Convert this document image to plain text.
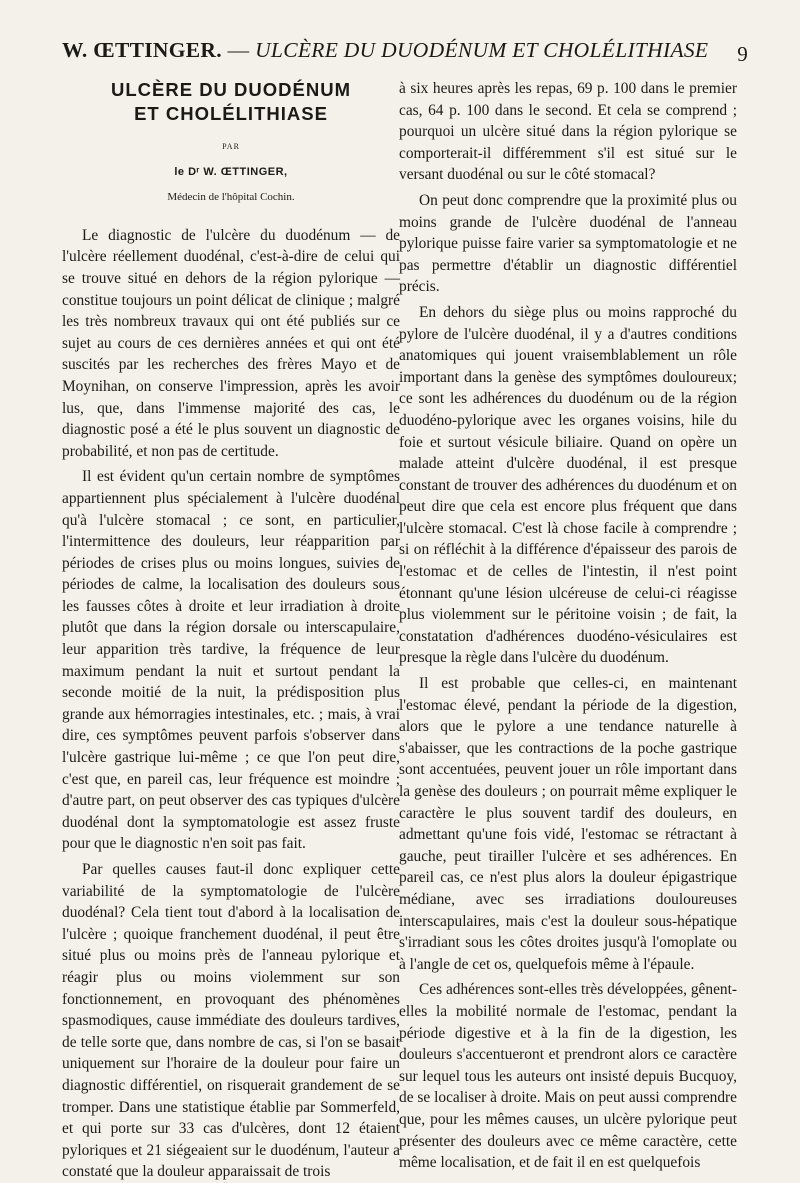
W. ŒTTINGER. — ULCÈRE DU DUODÉNUM ET CHOLÉLITHIASE 9
ULCÈRE DU DUODÉNUM
ET CHOLÉLITHIASE
PAR
le Dʳ W. ŒTTINGER,
Médecin de l'hôpital Cochin.

Le diagnostic de l'ulcère du duodénum — de l'ulcère réellement duodénal, c'est-à-dire de celui qui se trouve situé en dehors de la région pylorique — constitue toujours un point délicat de clinique ; malgré les très nombreux travaux qui ont été publiés sur ce sujet au cours de ces dernières années et qui ont été suscités par les recherches des frères Mayo et de Moynihan, on conserve l'impression, après les avoir lus, que, dans l'immense majorité des cas, le diagnostic posé a été le plus souvent un diagnostic de probabilité, et non pas de certitude.

Il est évident qu'un certain nombre de symptômes appartiennent plus spécialement à l'ulcère duodénal qu'à l'ulcère stomacal ; ce sont, en particulier, l'intermittence des douleurs, leur réapparition par périodes de crises plus ou moins longues, suivies de périodes de calme, la localisation des douleurs sous les fausses côtes à droite et leur irradiation à droite plutôt que dans la région dorsale ou interscapulaire, leur apparition très tardive, la fréquence de leur maximum pendant la nuit et surtout pendant la seconde moitié de la nuit, la prédisposition plus grande aux hémorragies intestinales, etc. ; mais, à vrai dire, ces symptômes peuvent parfois s'observer dans l'ulcère gastrique lui-même ; ce que l'on peut dire, c'est que, en pareil cas, leur fréquence est moindre ; d'autre part, on peut observer des cas typiques d'ulcère duodénal dont la symptomatologie est assez fruste pour que le diagnostic n'en soit pas fait.

Par quelles causes faut-il donc expliquer cette variabilité de la symptomatologie de l'ulcère duodénal? Cela tient tout d'abord à la localisation de l'ulcère ; quoique franchement duodénal, il peut être situé plus ou moins près de l'anneau pylorique et réagir plus ou moins violemment sur son fonctionnement, en provoquant des phénomènes spasmodiques, cause immédiate des douleurs tardives, de telle sorte que, dans nombre de cas, si l'on se basait uniquement sur l'horaire de la douleur pour faire un diagnostic différentiel, on risquerait grandement de se tromper. Dans une statistique établie par Sommerfeld, et qui porte sur 33 cas d'ulcères, dont 12 étaient pyloriques et 21 siégeaient sur le duodénum, l'auteur a constaté que la douleur apparaissait de trois

à six heures après les repas, 69 p. 100 dans le premier cas, 64 p. 100 dans le second. Et cela se comprend ; pourquoi un ulcère situé dans la région pylorique se comporterait-il différemment s'il est situé sur le versant duodénal ou sur le côté stomacal?

On peut donc comprendre que la proximité plus ou moins grande de l'ulcère duodénal de l'anneau pylorique puisse faire varier sa symptomatologie et ne pas permettre d'établir un diagnostic différentiel précis.

En dehors du siège plus ou moins rapproché du pylore de l'ulcère duodénal, il y a d'autres conditions anatomiques qui jouent vraisemblablement un rôle important dans la genèse des symptômes douloureux; ce sont les adhérences du duodénum ou de la région duodéno-pylorique avec les organes voisins, hile du foie et surtout vésicule biliaire. Quand on opère un malade atteint d'ulcère duodénal, il est presque constant de trouver des adhérences du duodénum et on peut dire que cela est encore plus fréquent que dans l'ulcère stomacal. C'est là chose facile à comprendre ; si on réfléchit à la différence d'épaisseur des parois de l'estomac et de celles de l'intestin, il n'est point étonnant qu'une lésion ulcéreuse de celui-ci réagisse plus violemment sur le péritoine voisin ; de fait, la constatation d'adhérences duodéno-vésiculaires est presque la règle dans l'ulcère du duodénum.

Il est probable que celles-ci, en maintenant l'estomac élevé, pendant la période de la digestion, alors que le pylore a une tendance naturelle à s'abaisser, que les contractions de la poche gastrique sont accentuées, peuvent jouer un rôle important dans la genèse des douleurs ; on pourrait même expliquer le caractère le plus souvent tardif des douleurs, en admettant qu'une fois vidé, l'estomac se rétractant à gauche, peut tirailler l'ulcère et ses adhérences. En pareil cas, ce n'est plus alors la douleur épigastrique médiane, avec ses irradiations douloureuses interscapulaires, mais c'est la douleur sous-hépatique s'irradiant sous les côtes droites jusqu'à l'omoplate ou à l'angle de cet os, quelquefois même à l'épaule.

Ces adhérences sont-elles très développées, gênent-elles la mobilité normale de l'estomac, pendant la période digestive et à la fin de la digestion, les douleurs s'accentueront et prendront alors ce caractère sur lequel tous les auteurs ont insisté depuis Bucquoy, de se localiser à droite. Mais on peut aussi comprendre que, pour les mêmes causes, un ulcère pylorique peut présenter des douleurs avec ce même caractère, cette même localisation, et de fait il en est quelquefois
